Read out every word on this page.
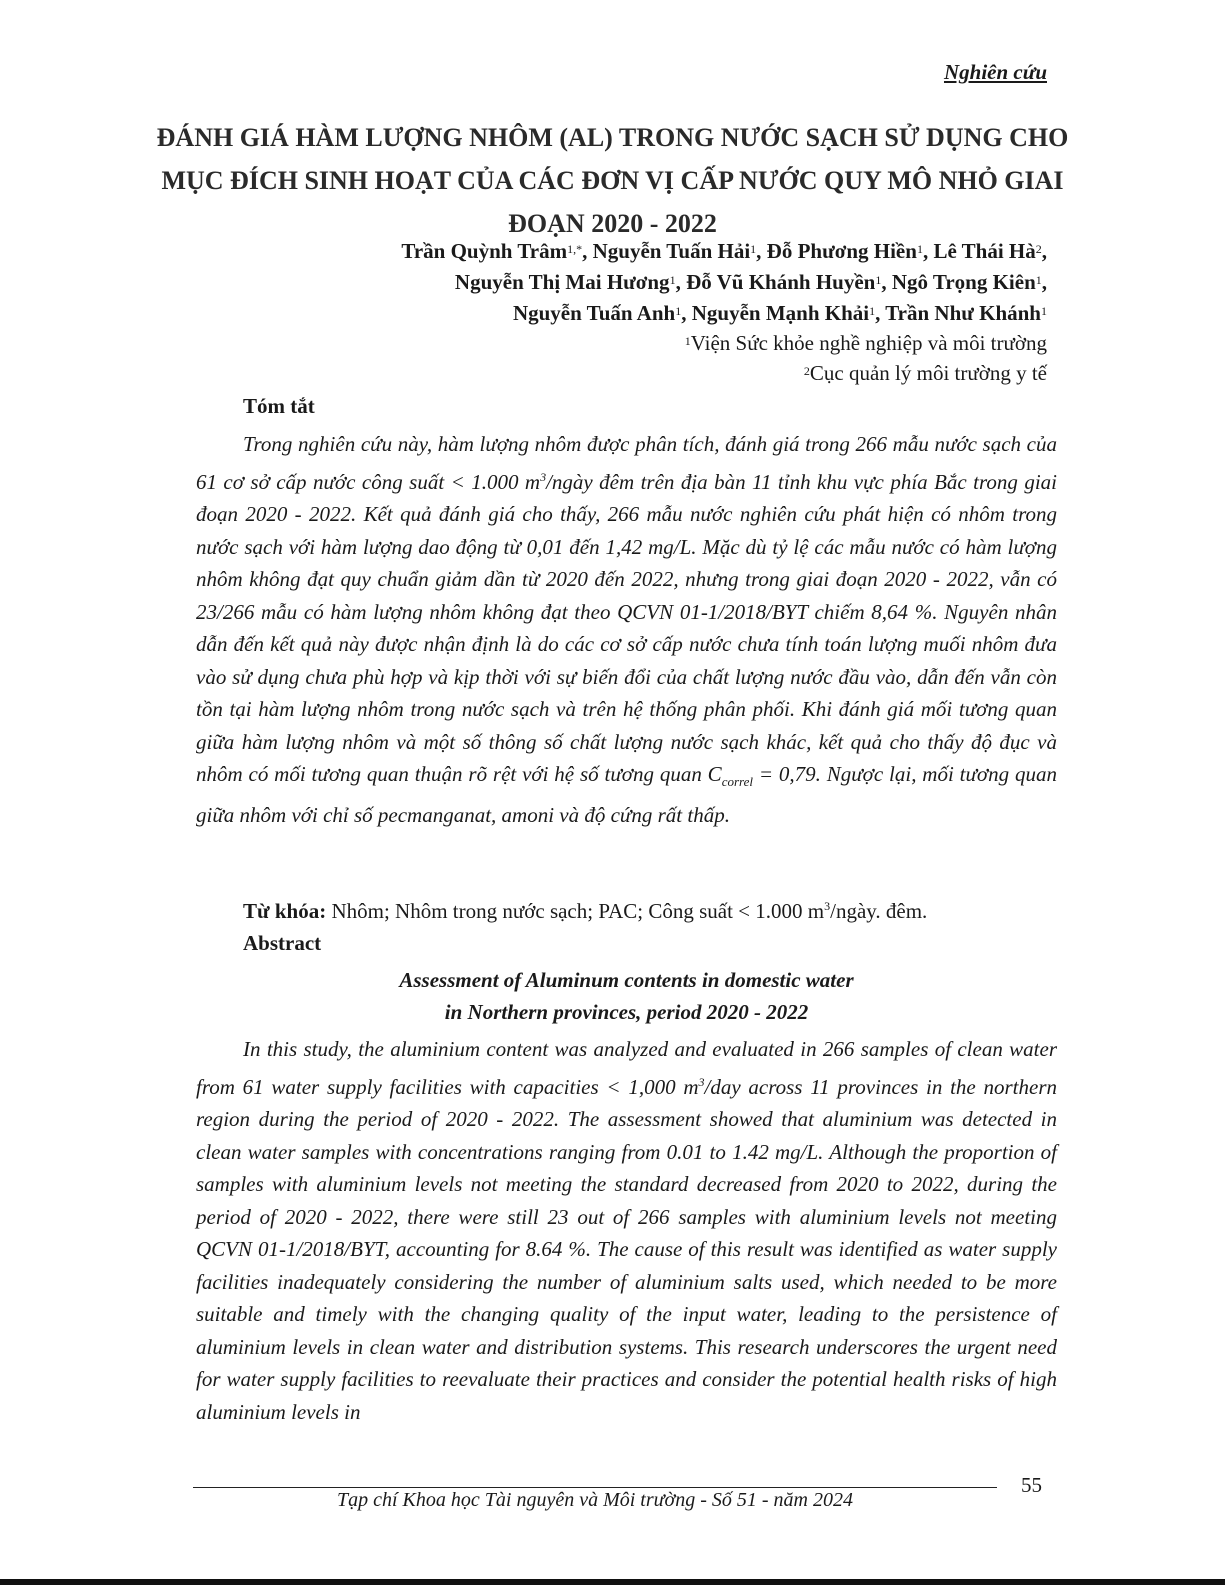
Nghiên cứu
ĐÁNH GIÁ HÀM LƯỢNG NHÔM (AL) TRONG NƯỚC SẠCH SỬ DỤNG CHO MỤC ĐÍCH SINH HOẠT CỦA CÁC ĐƠN VỊ CẤP NƯỚC QUY MÔ NHỎ GIAI ĐOẠN 2020 - 2022
Trần Quỳnh Trâm$^{1,*}$, Nguyễn Tuấn Hải$^1$, Đỗ Phương Hiền$^1$, Lê Thái $Hà^2$,
Nguyễn Thị Mai Hương$^1$, Đỗ Vũ Khánh Huyền$^1$, Ngô Trọng Kiên$^1$,
Nguyễn Tuấn Anh$^1$, Nguyễn Mạnh Khải$^1$, Trần Như Khánh$^1$
$^1$Viện Sức khỏe nghề nghiệp và môi trường
$^2$Cục quản lý môi trường y tế
Tóm tắt
Trong nghiên cứu này, hàm lượng nhôm được phân tích, đánh giá trong 266 mẫu nước sạch của 61 cơ sở cấp nước công suất < 1.000 $m^3$/ngày đêm trên địa bàn 11 tỉnh khu vực phía Bắc trong giai đoạn 2020 - 2022. Kết quả đánh giá cho thấy, 266 mẫu nước nghiên cứu phát hiện có nhôm trong nước sạch với hàm lượng dao động từ 0,01 đến 1,42 mg/L. Mặc dù tỷ lệ các mẫu nước có hàm lượng nhôm không đạt quy chuẩn giảm dần từ 2020 đến 2022, nhưng trong giai đoạn 2020 - 2022, vẫn có 23/266 mẫu có hàm lượng nhôm không đạt theo QCVN 01-1/2018/BYT chiếm 8,64 %. Nguyên nhân dẫn đến kết quả này được nhận định là do các cơ sở cấp nước chưa tính toán lượng muối nhôm đưa vào sử dụng chưa phù hợp và kịp thời với sự biến đổi của chất lượng nước đầu vào, dẫn đến vẫn còn tồn tại hàm lượng nhôm trong nước sạch và trên hệ thống phân phối. Khi đánh giá mối tương quan giữa hàm lượng nhôm và một số thông số chất lượng nước sạch khác, kết quả cho thấy độ đục và nhôm có mối tương quan thuận rõ rệt với hệ số tương quan $C_{correl} = 0,79$. Ngược lại, mối tương quan giữa nhôm với chỉ số pecmanganat, amoni và độ cứng rất thấp.
Từ khóa: Nhôm; Nhôm trong nước sạch; PAC; Công suất < 1.000 $m^3$/ngày. đêm.
Abstract
Assessment of Aluminum contents in domestic water
in Northern provinces, period 2020 - 2022
In this study, the aluminium content was analyzed and evaluated in 266 samples of clean water from 61 water supply facilities with capacities < 1,000 $m^3$/day across 11 provinces in the northern region during the period of 2020 - 2022. The assessment showed that aluminium was detected in clean water samples with concentrations ranging from 0.01 to 1.42 mg/L. Although the proportion of samples with aluminium levels not meeting the standard decreased from 2020 to 2022, during the period of 2020 - 2022, there were still 23 out of 266 samples with aluminium levels not meeting QCVN 01-1/2018/BYT, accounting for 8.64 %. The cause of this result was identified as water supply facilities inadequately considering the number of aluminium salts used, which needed to be more suitable and timely with the changing quality of the input water, leading to the persistence of aluminium levels in clean water and distribution systems. This research underscores the urgent need for water supply facilities to reevaluate their practices and consider the potential health risks of high aluminium levels in
55
Tạp chí Khoa học Tài nguyên và Môi trường - Số 51 - năm 2024
